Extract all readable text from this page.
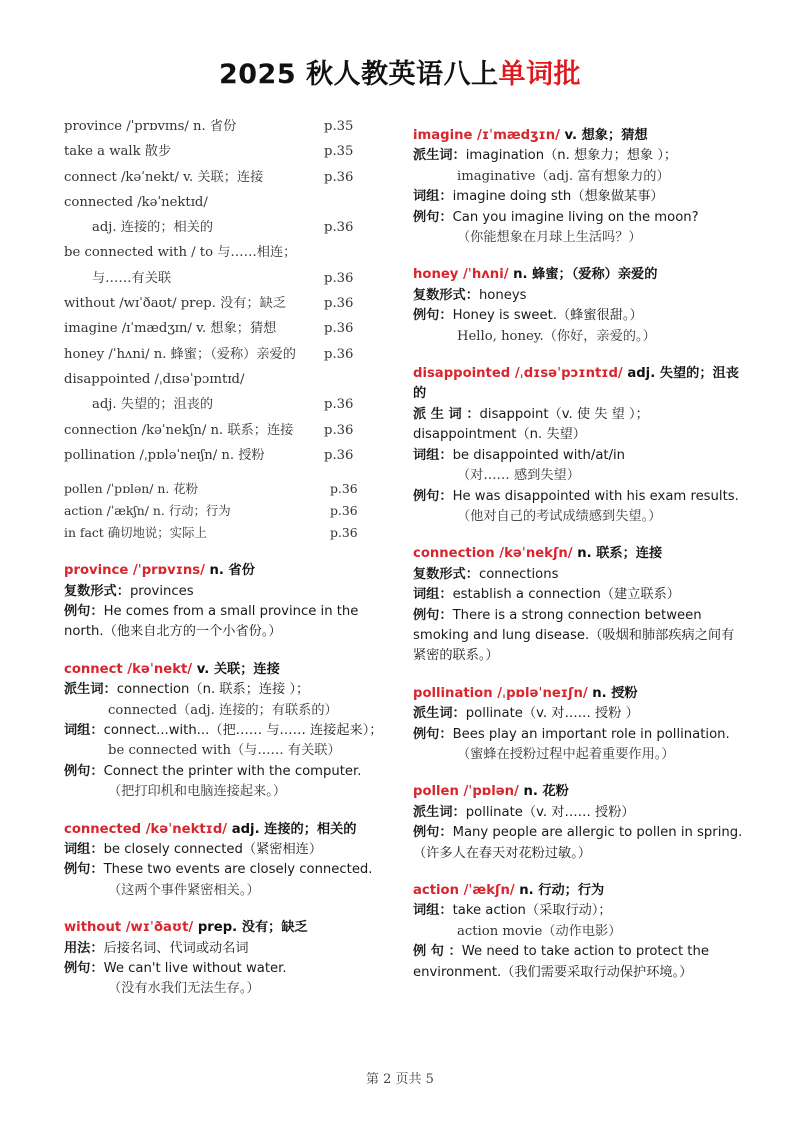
2025 秋人教英语八上单词批
province /ˈprɒvɪns/ n. 省份	p.35
take a walk 散步	p.35
connect /kəˈnekt/ v. 关联；连接	p.36
connected /kəˈnektɪd/
adj. 连接的；相关的	p.36
be connected with / to 与……相连；
与……有关联	p.36
without /wɪˈðaʊt/ prep. 没有；缺乏	p.36
imagine /ɪˈmædʒɪn/ v. 想象；猜想	p.36
honey /ˈhʌni/ n. 蜂蜜；（爱称）亲爱的 p.36
disappointed /ˌdɪsəˈpɔɪntɪd/
adj. 失望的；沮丧的	p.36
connection /kəˈnekʃn/ n. 联系；连接 p.36
pollination /ˌpɒləˈneɪʃn/ n. 授粉	p.36
pollen /ˈpɒlən/ n. 花粉	p.36
action /ˈækʃn/ n. 行动；行为	p.36
in fact 确切地说；实际上	p.36
province /ˈprɒvɪns/ n. 省份
复数形式：provinces
例句：He comes from a small province in the north.（他来自北方的一个小省份。）
connect /kəˈnekt/ v. 关联；连接
派生词：connection（n. 联系；连接 ）；
connected（adj. 连接的；有联系的）
词组：connect...with...（把…… 与…… 连接起来）；
be connected with（与…… 有关联）
例句：Connect the printer with the computer.
（把打印机和电脑连接起来。）
connected /kəˈnektɪd/ adj. 连接的；相关的
词组：be closely connected（紧密相连）
例句：These two events are closely connected.
（这两个事件紧密相关。）
without /wɪˈðaʊt/ prep. 没有；缺乏
用法：后接名词、代词或动名词
例句：We can't live without water.
（没有水我们无法生存。）
imagine /ɪˈmædʒɪn/ v. 想象；猜想
派生词：imagination（n. 想象力；想象 ）；
imaginative（adj. 富有想象力的）
词组：imagine doing sth（想象做某事）
例句：Can you imagine living on the moon?
（你能想象在月球上生活吗？）
honey /ˈhʌni/ n. 蜂蜜；（爱称）亲爱的
复数形式：honeys
例句：Honey is sweet.（蜂蜜很甜。）
Hello, honey.（你好，亲爱的。）
disappointed /ˌdɪsəˈpɔɪntɪd/ adj. 失望的；沮丧的
派 生 词 ：disappoint（v. 使 失 望 ）；
disappointment（n. 失望）
词组：be disappointed with/at/in
（对…… 感到失望）
例句：He was disappointed with his exam results.
（他对自己的考试成绩感到失望。）
connection /kəˈnekʃn/ n. 联系；连接
复数形式：connections
词组：establish a connection（建立联系）
例句：There is a strong connection between smoking and lung disease.（吸烟和肺部疾病之间有紧密的联系。）
pollination /ˌpɒləˈneɪʃn/ n. 授粉
派生词：pollinate（v. 对…… 授粉 ）
例句：Bees play an important role in pollination.
（蜜蜂在授粉过程中起着重要作用。）
pollen /ˈpɒlən/ n. 花粉
派生词：pollinate（v. 对…… 授粉）
例句：Many people are allergic to pollen in spring.（许多人在春天对花粉过敏。）
action /ˈækʃn/ n. 行动；行为
词组：take action（采取行动）；
action movie（动作电影）
例 句 ：We need to take action to protect the environment.（我们需要采取行动保护环境。）
第 2 页共 5
